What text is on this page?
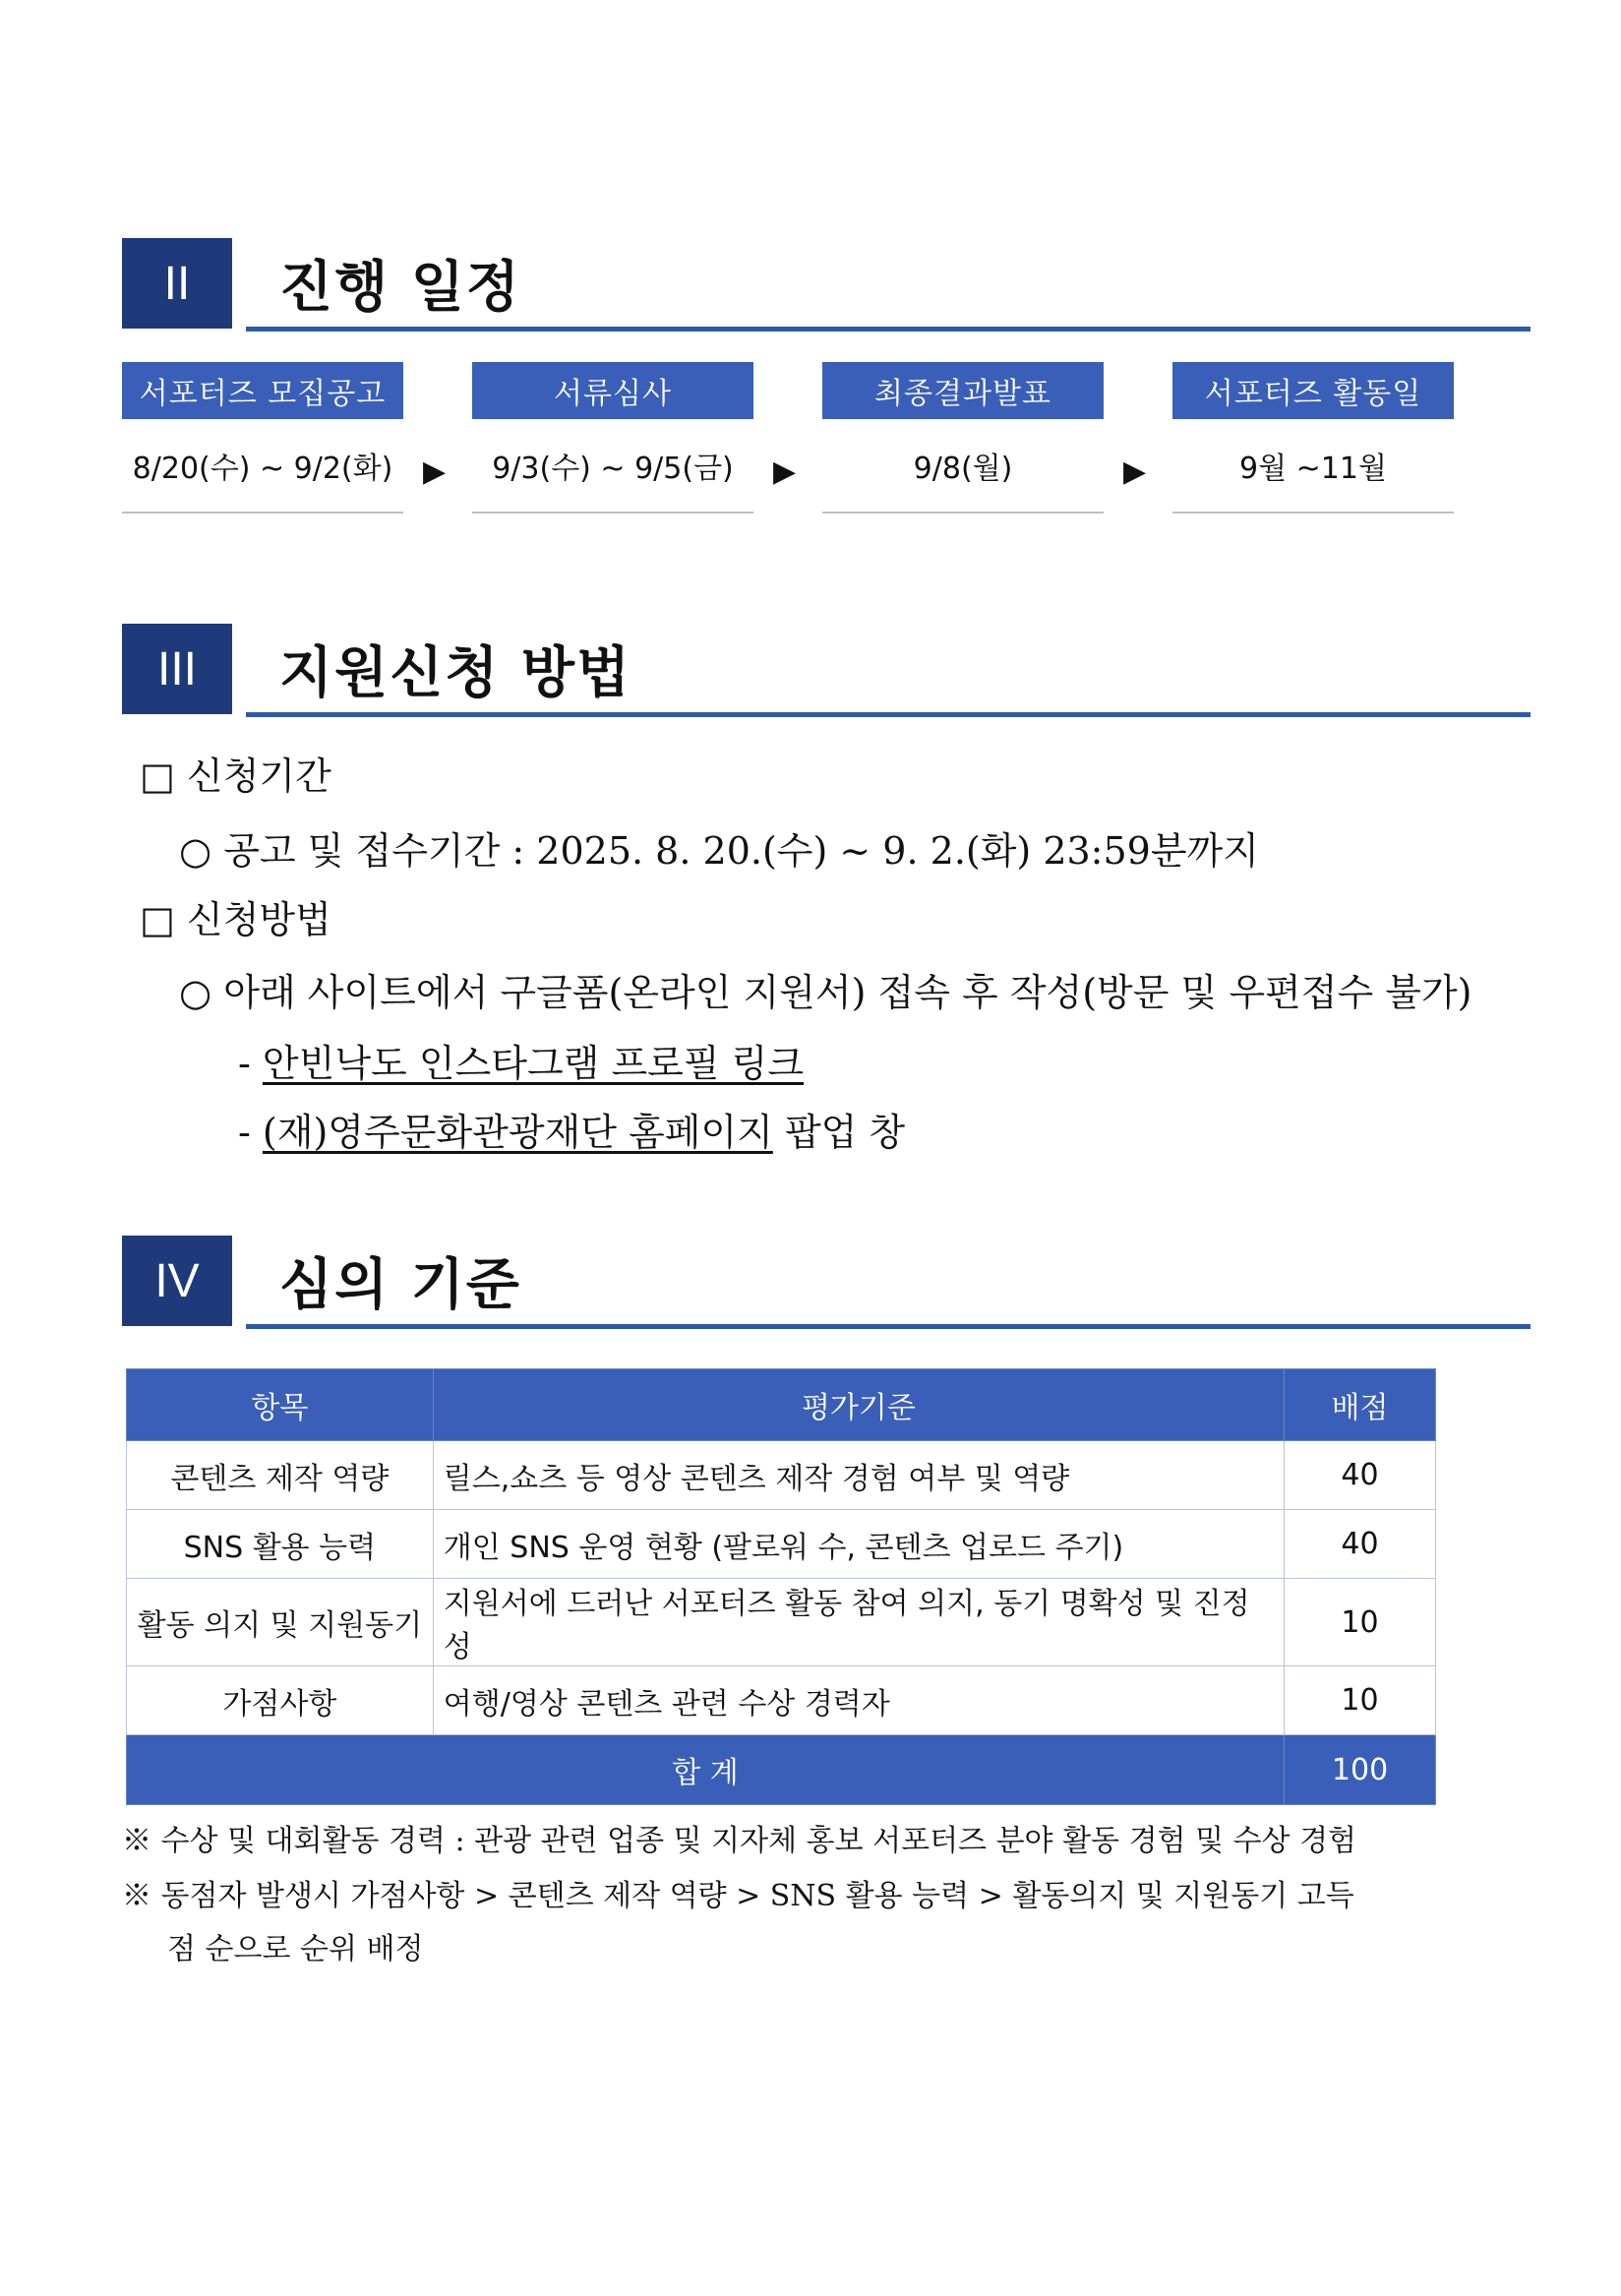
II	진행 일정
서포터즈 모집공고
8/20(수) ~ 9/2(화)	▶
서류심사
9/3(수) ~ 9/5(금)	▶
최종결과발표
9/8(월)	▶
서포터즈 활동일
9월 ~11월
III	지원신청 방법
□ 신청기간
○ 공고 및 접수기간 : 2025. 8. 20.(수) ~ 9. 2.(화) 23:59분까지
□ 신청방법
○ 아래 사이트에서 구글폼(온라인 지원서) 접속 후 작성(방문 및 우편접수 불가)
- 안빈낙도 인스타그램 프로필 링크
- (재)영주문화관광재단 홈페이지 팝업 창
IV	심의 기준
항목	평가기준	배점
콘텐츠 제작 역량	릴스,쇼츠 등 영상 콘텐츠 제작 경험 여부 및 역량	40
SNS 활용 능력	개인 SNS 운영 현황 (팔로워 수, 콘텐츠 업로드 주기)	40
활동 의지 및 지원동기	지원서에 드러난 서포터즈 활동 참여 의지, 동기 명확성 및 진정성	10
가점사항	여행/영상 콘텐츠 관련 수상 경력자	10
합 계		100
※ 수상 및 대회활동 경력 : 관광 관련 업종 및 지자체 홍보 서포터즈 분야 활동 경험 및 수상 경험
※ 동점자 발생시 가점사항 > 콘텐츠 제작 역량 > SNS 활용 능력 > 활동의지 및 지원동기 고득
점 순으로 순위 배정
